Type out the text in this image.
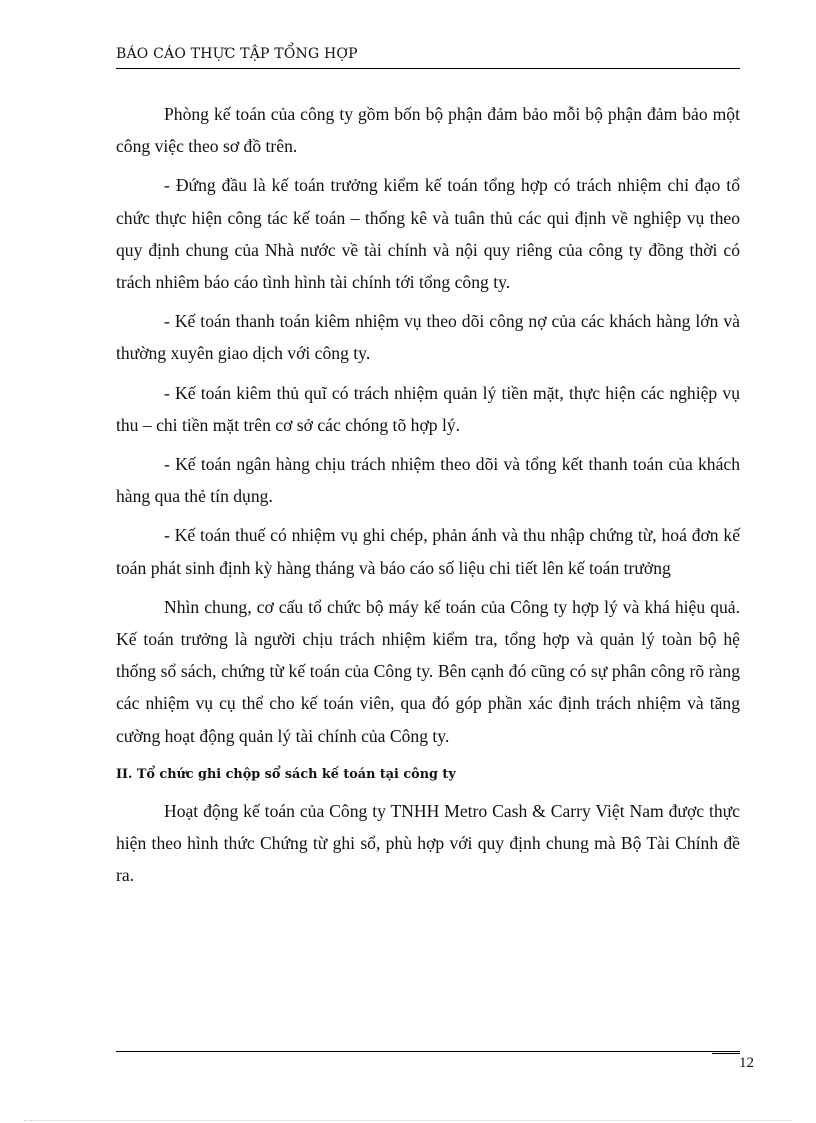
BÁO CÁO THỰC TẬP TỔNG HỢP

Phòng kế toán của công ty gồm bốn bộ phận đảm bảo mỗi bộ phận đảm bảo một công việc theo sơ đồ trên.

- Đứng đầu là kế toán trưởng kiểm kế toán tổng hợp có trách nhiệm chỉ đạo tổ chức thực hiện công tác kế toán – thống kê và tuân thủ các qui định về nghiệp vụ theo quy định chung của Nhà nước về tài chính và nội quy riêng của công ty đồng thời có trách nhiêm báo cáo tình hình tài chính tới tổng công ty.

- Kế toán thanh toán kiêm nhiệm vụ theo dõi công nợ của các khách hàng lớn và thường xuyên giao dịch với công ty.

- Kế toán kiêm thủ quĩ có trách nhiệm quản lý tiền mặt, thực hiện các nghiệp vụ thu – chi tiền mặt trên cơ sở các chóng tõ hợp lý.

- Kế toán ngân hàng chịu trách nhiệm theo dõi và tổng kết thanh toán của khách hàng qua thẻ tín dụng.

- Kế toán thuế có nhiệm vụ ghi chép, phản ánh và thu nhập chứng từ, hoá đơn kế toán phát sinh định kỳ hàng tháng và báo cáo số liệu chi tiết lên kế toán trưởng

Nhìn chung, cơ cấu tổ chức bộ máy kế toán của Công ty hợp lý và khá hiệu quả. Kế toán trưởng là người chịu trách nhiệm kiểm tra, tổng hợp và quản lý toàn bộ hệ thống sổ sách, chứng từ kế toán của Công ty. Bên cạnh đó cũng có sự phân công rõ ràng các nhiệm vụ cụ thể cho kế toán viên, qua đó góp phần xác định trách nhiệm và tăng cường hoạt động quản lý tài chính của Công ty.

II. Tổ chức ghi chộp sổ sách kế toán tại công ty

Hoạt động kế toán của Công ty TNHH Metro Cash & Carry Việt Nam được thực hiện theo hình thức Chứng từ ghi sổ, phù hợp với quy định chung mà Bộ Tài Chính đề ra.

12
